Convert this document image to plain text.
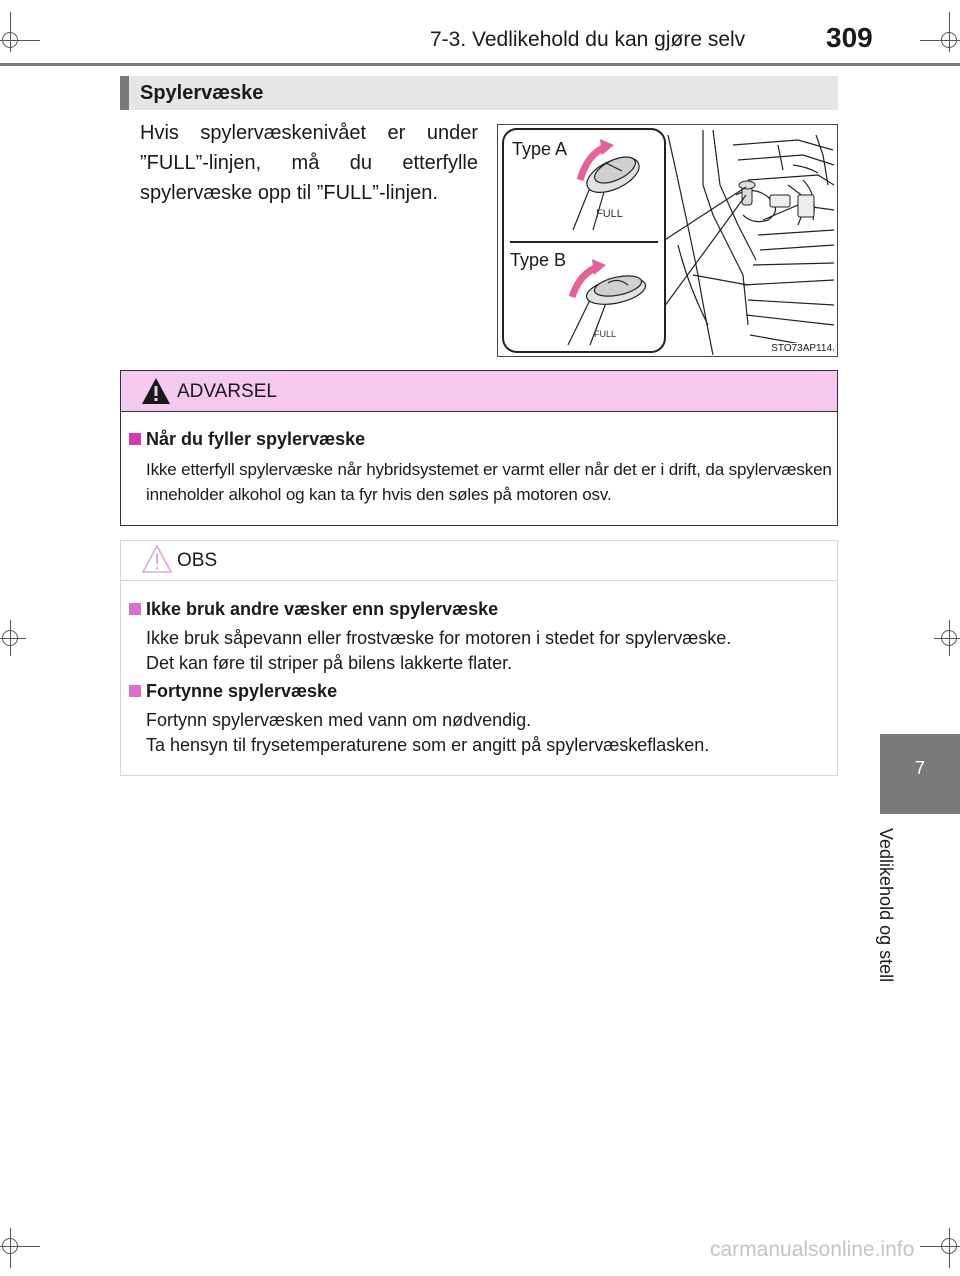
7-3. Vedlikehold du kan gjøre selv	309
7
Vedlikehold og stell
Spylervæske

Hvis spylervæskenivået er under ”FULL”-linjen, må du etterfylle spylervæske opp til ”FULL”-linjen.

FULL
FULL
Type A
Type B
STO73AP114
ADVARSEL
Når du fyller spylervæske
Ikke etterfyll spylervæske når hybridsystemet er varmt eller når det er i drift, da spylervæsken inneholder alkohol og kan ta fyr hvis den søles på motoren osv.
OBS
Ikke bruk andre væsker enn spylervæske
Ikke bruk såpevann eller frostvæske for motoren i stedet for spylervæske.
Det kan føre til striper på bilens lakkerte flater.
Fortynne spylervæske
Fortynn spylervæsken med vann om nødvendig.
Ta hensyn til frysetemperaturene som er angitt på spylervæskeflasken.
carmanualsonline.info
